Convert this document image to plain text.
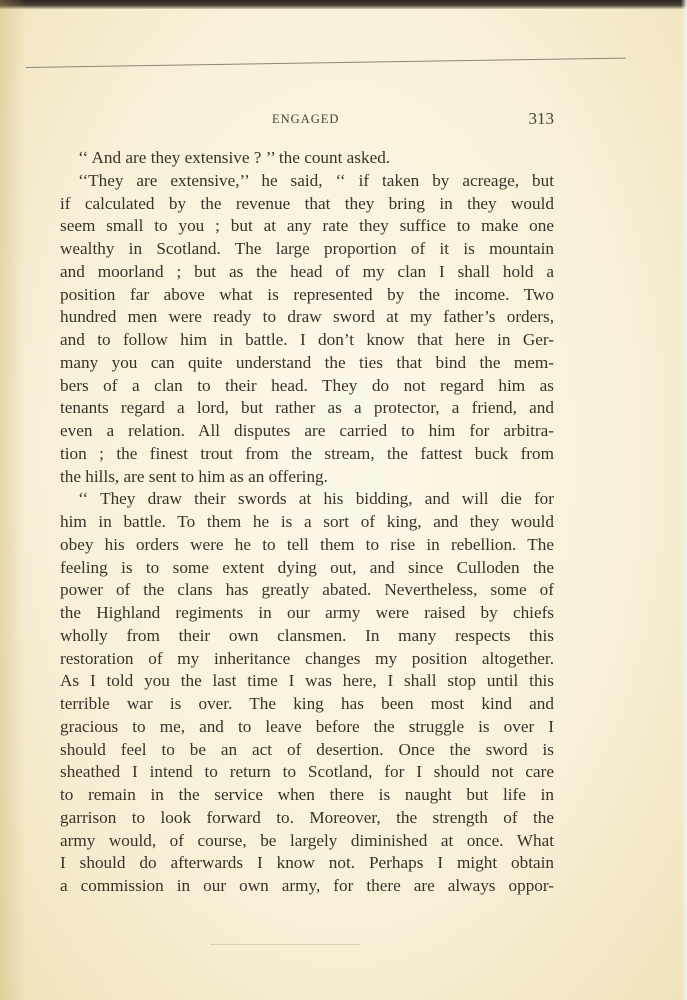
ENGAGED	313
‘‘ And are they extensive ? ’’ the count asked.
‘‘They are extensive,’’ he said, ‘‘ if taken by acreage, but
if calculated by the revenue that they bring in they would
seem small to you ; but at any rate they suffice to make one
wealthy in Scotland. The large proportion of it is mountain
and moorland ; but as the head of my clan I shall hold a
position far above what is represented by the income. Two
hundred men were ready to draw sword at my father’s orders,
and to follow him in battle. I don’t know that here in Ger-
many you can quite understand the ties that bind the mem-
bers of a clan to their head. They do not regard him as
tenants regard a lord, but rather as a protector, a friend, and
even a relation. All disputes are carried to him for arbitra-
tion ; the finest trout from the stream, the fattest buck from
the hills, are sent to him as an offering.
‘‘ They draw their swords at his bidding, and will die for
him in battle. To them he is a sort of king, and they would
obey his orders were he to tell them to rise in rebellion. The
feeling is to some extent dying out, and since Culloden the
power of the clans has greatly abated. Nevertheless, some of
the Highland regiments in our army were raised by chiefs
wholly from their own clansmen. In many respects this
restoration of my inheritance changes my position altogether.
As I told you the last time I was here, I shall stop until this
terrible war is over. The king has been most kind and
gracious to me, and to leave before the struggle is over I
should feel to be an act of desertion. Once the sword is
sheathed I intend to return to Scotland, for I should not care
to remain in the service when there is naught but life in
garrison to look forward to. Moreover, the strength of the
army would, of course, be largely diminished at once. What
I should do afterwards I know not. Perhaps I might obtain
a commission in our own army, for there are always oppor-
